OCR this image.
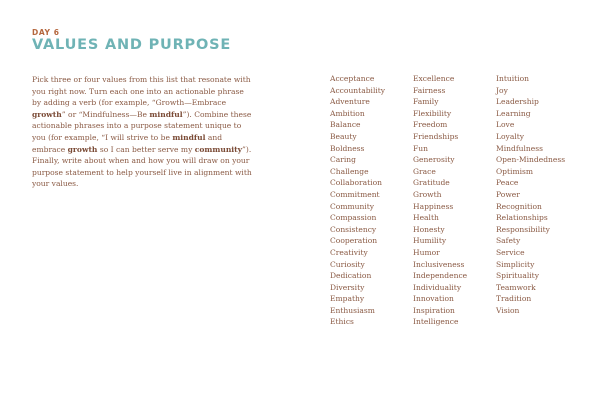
DAY 6
VALUES AND PURPOSE
Pick three or four values from this list that resonate with you right now. Turn each one into an actionable phrase by adding a verb (for example, “Growth—Embrace growth” or “Mindfulness—Be mindful”). Combine these actionable phrases into a purpose statement unique to you (for example, “I will strive to be mindful and embrace growth so I can better serve my community”). Finally, write about when and how you will draw on your purpose statement to help yourself live in alignment with your values.
Acceptance
Accountability
Adventure
Ambition
Balance
Beauty
Boldness
Caring
Challenge
Collaboration
Commitment
Community
Compassion
Consistency
Cooperation
Creativity
Curiosity
Dedication
Diversity
Empathy
Enthusiasm
Ethics
Excellence
Fairness
Family
Flexibility
Freedom
Friendships
Fun
Generosity
Grace
Gratitude
Growth
Happiness
Health
Honesty
Humility
Humor
Inclusiveness
Independence
Individuality
Innovation
Inspiration
Intelligence
Intuition
Joy
Leadership
Learning
Love
Loyalty
Mindfulness
Open-Mindedness
Optimism
Peace
Power
Recognition
Relationships
Responsibility
Safety
Service
Simplicity
Spirituality
Teamwork
Tradition
Vision
